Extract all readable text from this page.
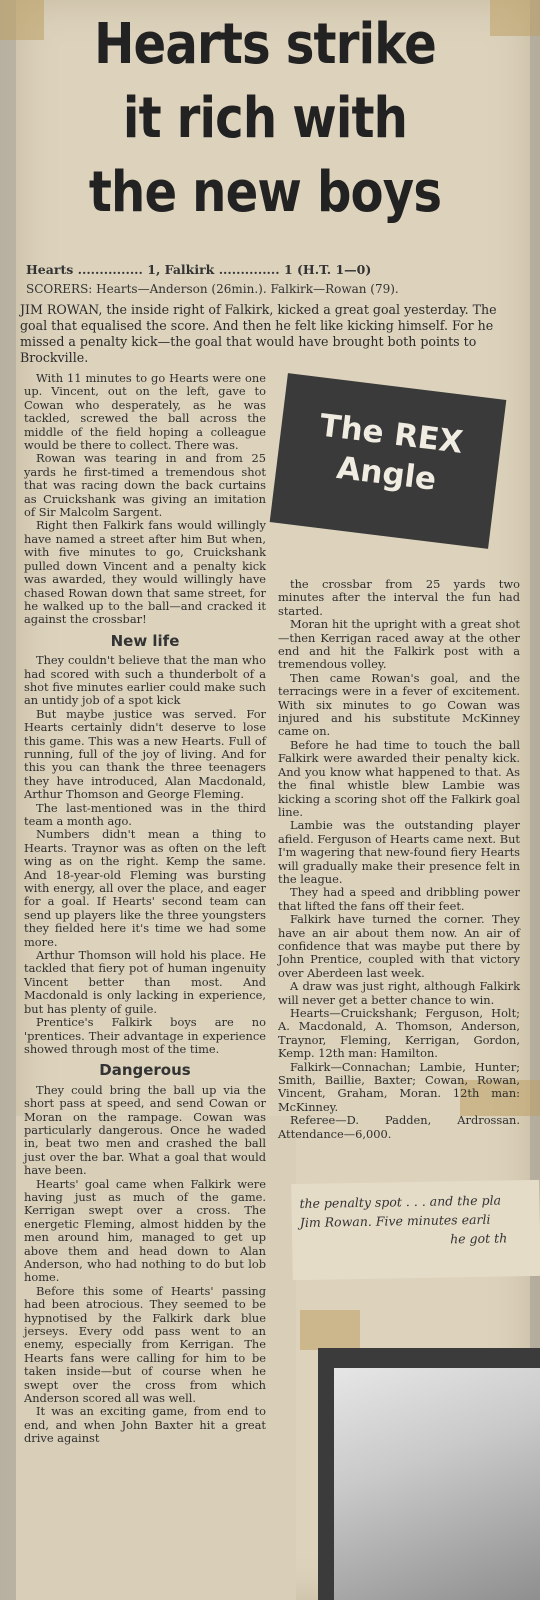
Hearts strike
it rich with
the new boys
Hearts ............... 1, Falkirk .............. 1 (H.T. 1—0)
SCORERS: Hearts—Anderson (26min.). Falkirk—Rowan (79).
JIM ROWAN, the inside right of Falkirk, kicked a great goal yesterday. The goal that equalised the score. And then he felt like kicking himself. For he missed a penalty kick—the goal that would have brought both points to Brockville.
The REX
Angle

With 11 minutes to go Hearts were one up. Vincent, out on the left, gave to Cowan who desperately, as he was tackled, screwed the ball across the middle of the field hoping a colleague would be there to collect. There was.

Rowan was tearing in and from 25 yards he first-timed a tremendous shot that was racing down the back curtains as Cruickshank was giving an imitation of Sir Malcolm Sargent.

Right then Falkirk fans would willingly have named a street after him But when, with five minutes to go, Cruickshank pulled down Vincent and a penalty kick was awarded, they would willingly have chased Rowan down that same street, for he walked up to the ball—and cracked it against the crossbar!

New life

They couldn't believe that the man who had scored with such a thunderbolt of a shot five minutes earlier could make such an untidy job of a spot kick

But maybe justice was served. For Hearts certainly didn't deserve to lose this game. This was a new Hearts. Full of running, full of the joy of living. And for this you can thank the three teenagers they have introduced, Alan Macdonald, Arthur Thomson and George Fleming.

The last-mentioned was in the third team a month ago.

Numbers didn't mean a thing to Hearts. Traynor was as often on the left wing as on the right. Kemp the same. And 18-year-old Fleming was bursting with energy, all over the place, and eager for a goal. If Hearts' second team can send up players like the three youngsters they fielded here it's time we had some more.

Arthur Thomson will hold his place. He tackled that fiery pot of human ingenuity Vincent better than most. And Macdonald is only lacking in experience, but has plenty of guile.

Prentice's Falkirk boys are no 'prentices. Their advantage in experience showed through most of the time.

Dangerous

They could bring the ball up via the short pass at speed, and send Cowan or Moran on the rampage. Cowan was particularly dangerous. Once he waded in, beat two men and crashed the ball just over the bar. What a goal that would have been.

Hearts' goal came when Falkirk were having just as much of the game. Kerrigan swept over a cross. The energetic Fleming, almost hidden by the men around him, managed to get up above them and head down to Alan Anderson, who had nothing to do but lob home.

Before this some of Hearts' passing had been atrocious. They seemed to be hypnotised by the Falkirk dark blue jerseys. Every odd pass went to an enemy, especially from Kerrigan. The Hearts fans were calling for him to be taken inside—but of course when he swept over the cross from which Anderson scored all was well.

It was an exciting game, from end to end, and when John Baxter hit a great drive against

the crossbar from 25 yards two minutes after the interval the fun had started.

Moran hit the upright with a great shot—then Kerrigan raced away at the other end and hit the Falkirk post with a tremendous volley.

Then came Rowan's goal, and the terracings were in a fever of excitement. With six minutes to go Cowan was injured and his substitute McKinney came on.

Before he had time to touch the ball Falkirk were awarded their penalty kick. And you know what happened to that. As the final whistle blew Lambie was kicking a scoring shot off the Falkirk goal line.

Lambie was the outstanding player afield. Ferguson of Hearts came next. But I'm wagering that new-found fiery Hearts will gradually make their presence felt in the league.

They had a speed and dribbling power that lifted the fans off their feet.

Falkirk have turned the corner. They have an air about them now. An air of confidence that was maybe put there by John Prentice, coupled with that victory over Aberdeen last week.

A draw was just right, although Falkirk will never get a better chance to win.

Hearts—Cruickshank; Ferguson, Holt; A. Macdonald, A. Thomson, Anderson, Traynor, Fleming, Kerrigan, Gordon, Kemp. 12th man: Hamilton.

Falkirk—Connachan; Lambie, Hunter; Smith, Baillie, Baxter; Cowan, Rowan, Vincent, Graham, Moran. 12th man: McKinney.

Referee—D. Padden, Ardrossan. Attendance—6,000.

the penalty spot . . . and the pla
Jim Rowan. Five minutes earli
he got th
